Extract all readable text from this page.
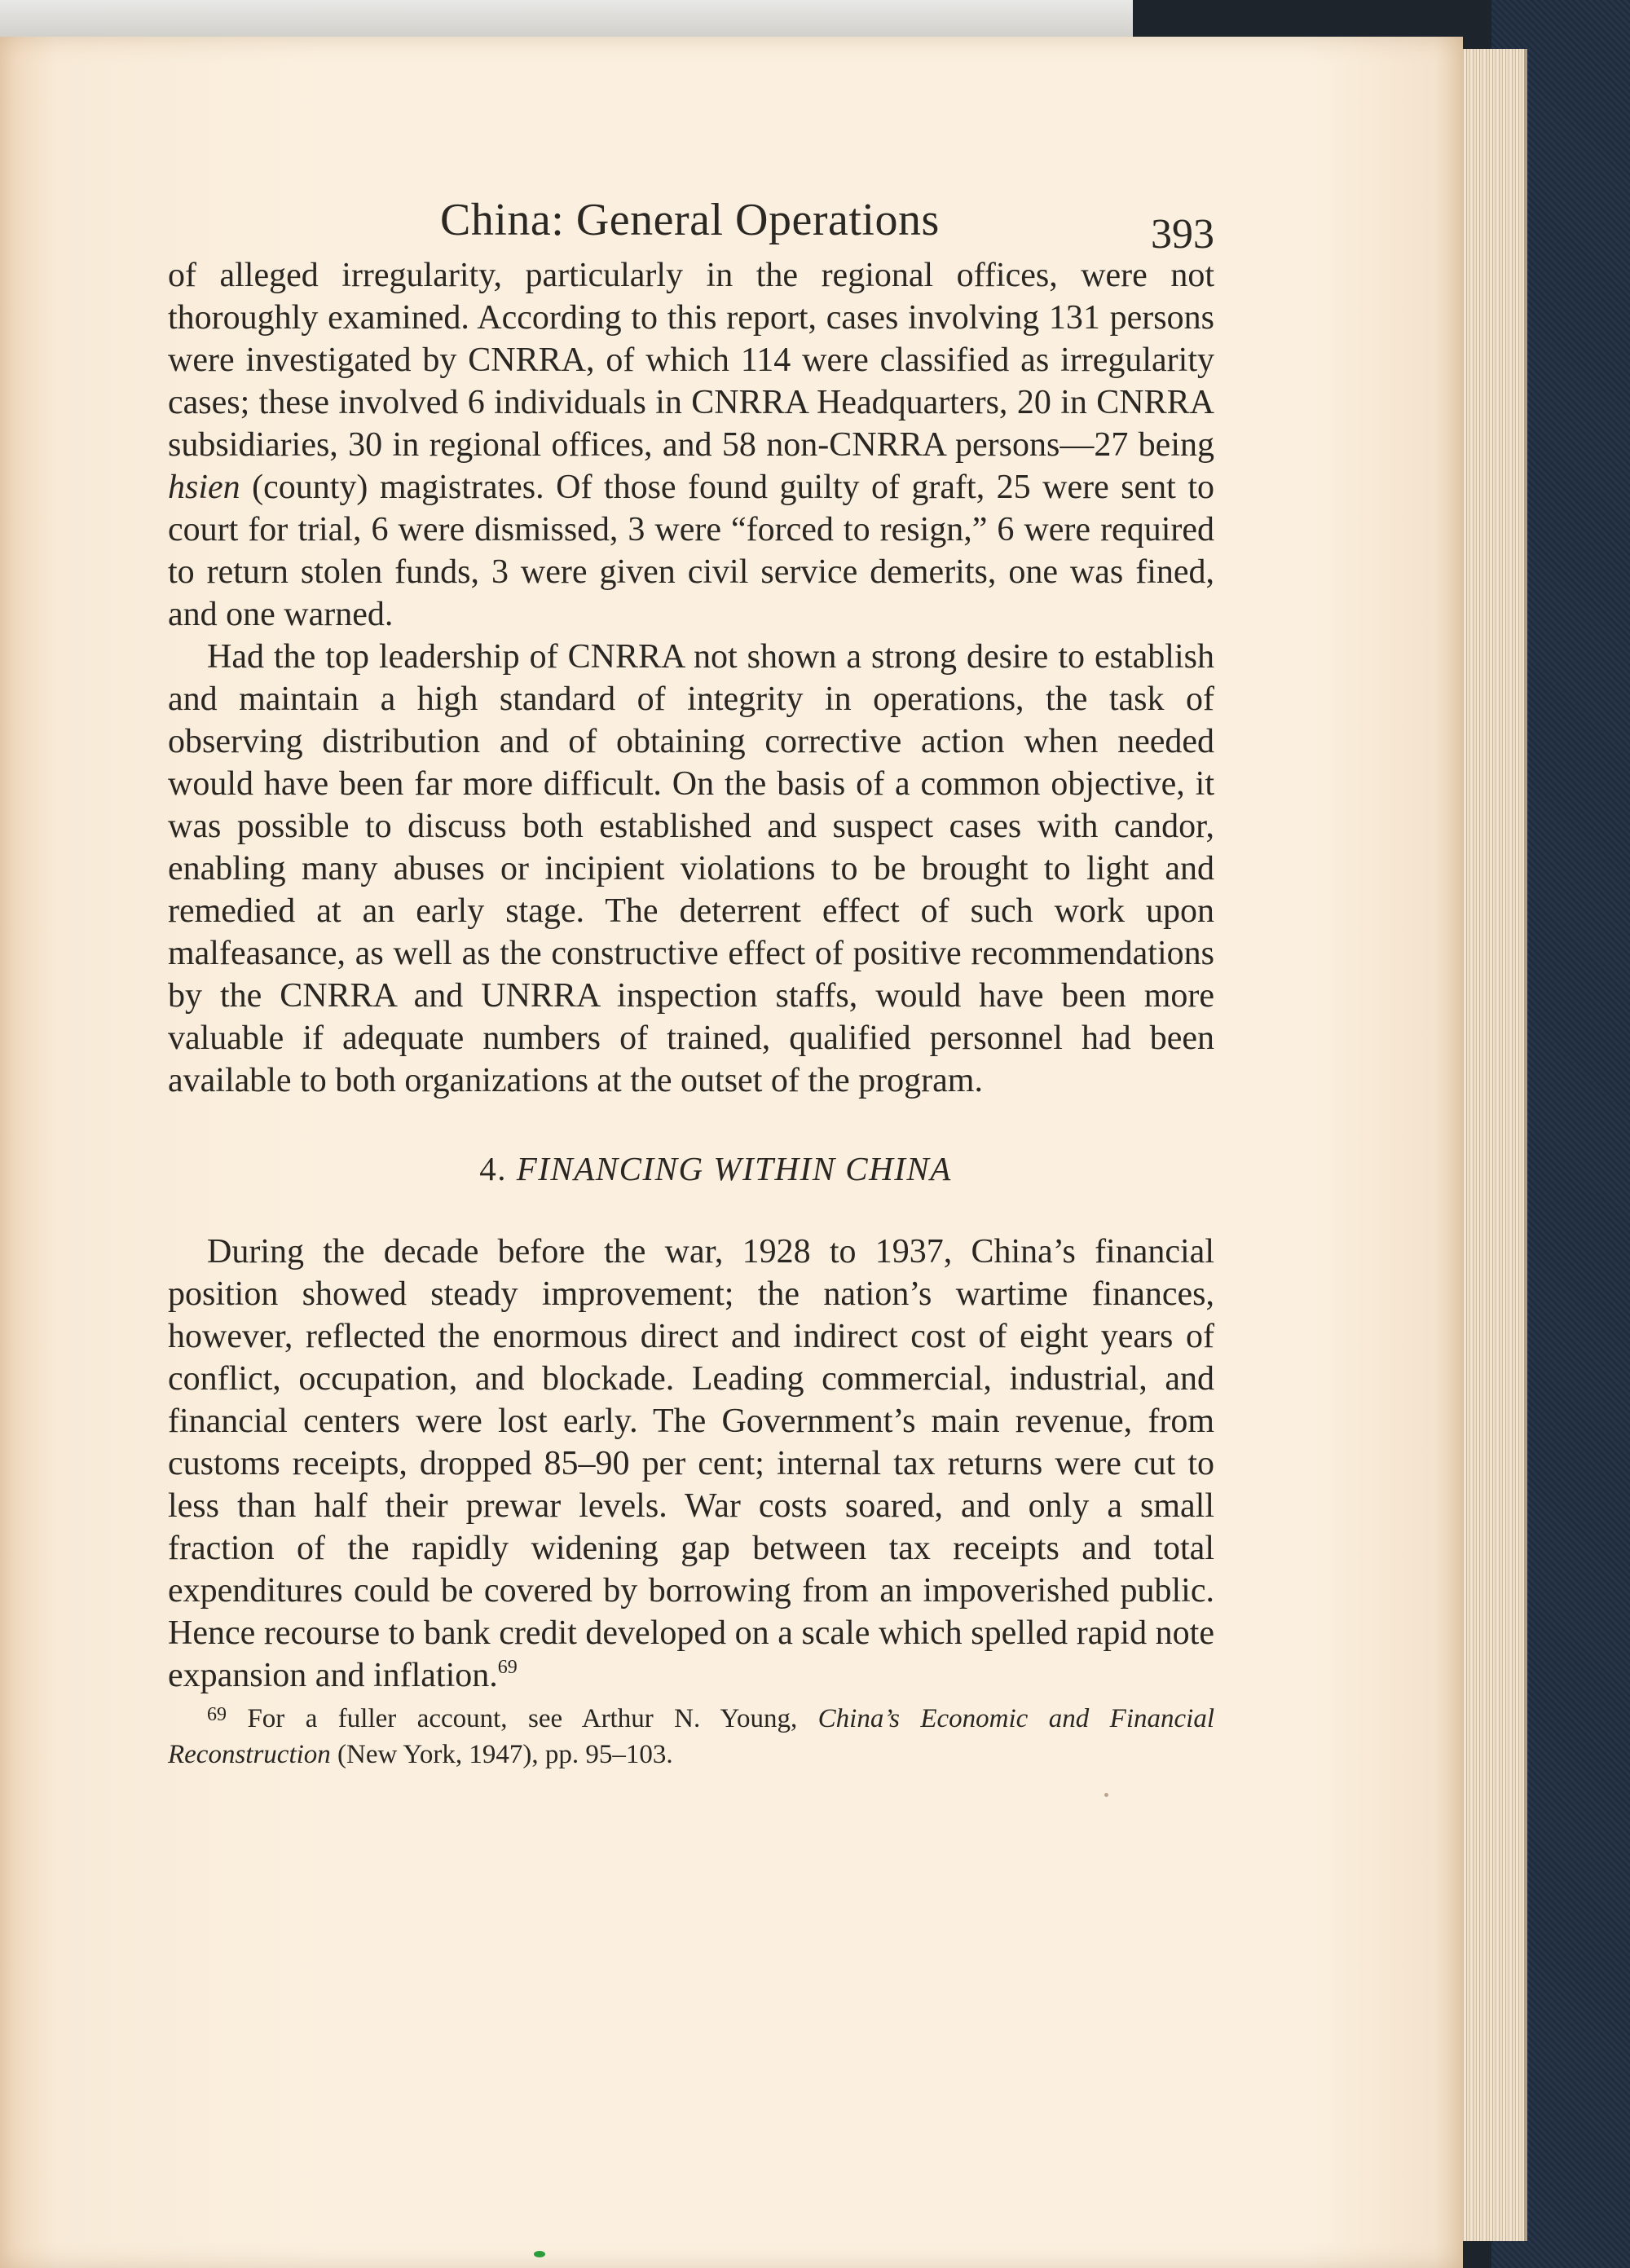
China: General Operations	393

of alleged irregularity, particularly in the regional offices, were not thoroughly examined. According to this report, cases involving 131 persons were investigated by CNRRA, of which 114 were classified as irregularity cases; these involved 6 individuals in CNRRA Headquarters, 20 in CNRRA subsidiaries, 30 in regional offices, and 58 non-CNRRA persons—27 being hsien (county) magistrates. Of those found guilty of graft, 25 were sent to court for trial, 6 were dismissed, 3 were “forced to resign,” 6 were required to return stolen funds, 3 were given civil service demerits, one was fined, and one warned.

Had the top leadership of CNRRA not shown a strong desire to establish and maintain a high standard of integrity in operations, the task of observing distribution and of obtaining corrective action when needed would have been far more difficult. On the basis of a common objective, it was possible to discuss both established and suspect cases with candor, enabling many abuses or incipient violations to be brought to light and remedied at an early stage. The deterrent effect of such work upon malfeasance, as well as the constructive effect of positive recommendations by the CNRRA and UNRRA inspection staffs, would have been more valuable if adequate numbers of trained, qualified personnel had been available to both organizations at the outset of the program.

4. FINANCING WITHIN CHINA

During the decade before the war, 1928 to 1937, China’s financial position showed steady improvement; the nation’s wartime finances, however, reflected the enormous direct and indirect cost of eight years of conflict, occupation, and blockade. Leading commercial, industrial, and financial centers were lost early. The Government’s main revenue, from customs receipts, dropped 85–90 per cent; internal tax returns were cut to less than half their prewar levels. War costs soared, and only a small fraction of the rapidly widening gap between tax receipts and total expenditures could be covered by borrowing from an impoverished public. Hence recourse to bank credit developed on a scale which spelled rapid note expansion and inflation.$^{69}$

$^{69}$ For a fuller account, see Arthur N. Young, China’s Economic and Financial Reconstruction (New York, 1947), pp. 95–103.
